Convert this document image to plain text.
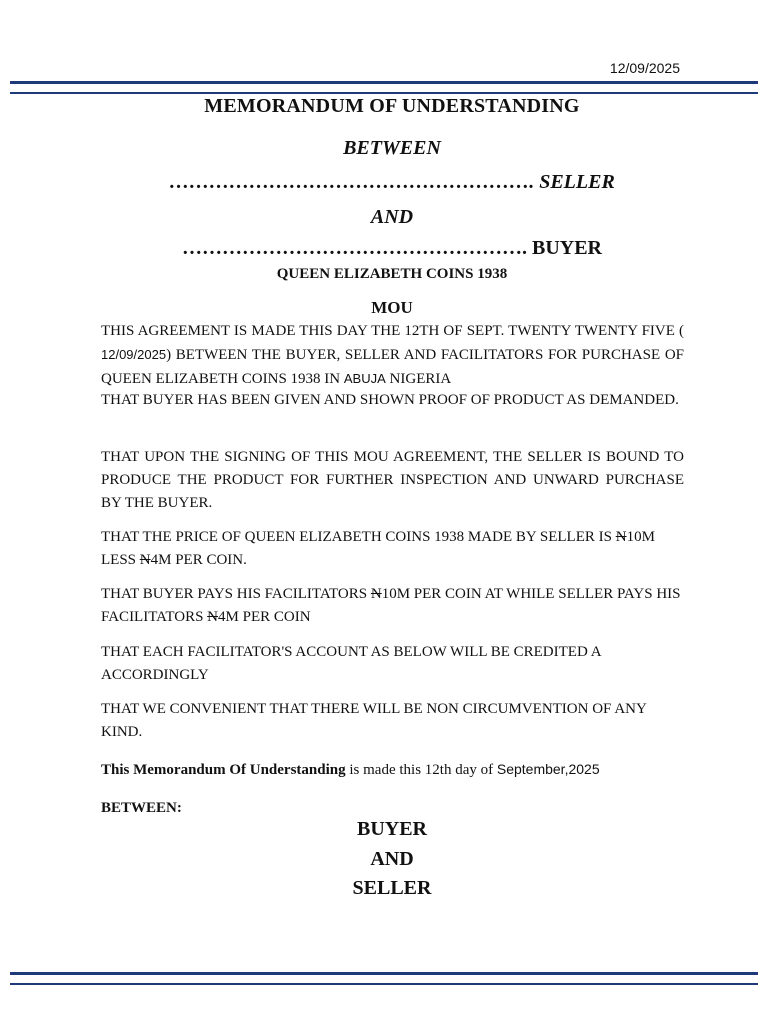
12/09/2025
MEMORANDUM OF UNDERSTANDING
BETWEEN
………………………………………………. SELLER
AND
……………………………………………. BUYER
QUEEN ELIZABETH COINS 1938
MOU
THIS AGREEMENT IS MADE THIS DAY THE 12TH OF SEPT. TWENTY TWENTY FIVE ( 12/09/2025) BETWEEN THE BUYER, SELLER AND FACILITATORS FOR PURCHASE OF QUEEN ELIZABETH COINS 1938 IN ABUJA NIGERIA
THAT BUYER HAS BEEN GIVEN AND SHOWN PROOF OF PRODUCT AS DEMANDED.
THAT UPON THE SIGNING OF THIS MOU AGREEMENT, THE SELLER IS BOUND TO PRODUCE THE PRODUCT FOR FURTHER INSPECTION AND UNWARD PURCHASE BY THE BUYER.
THAT THE PRICE OF QUEEN ELIZABETH COINS 1938 MADE BY SELLER IS N10M LESS N4M PER COIN.
THAT BUYER PAYS HIS FACILITATORS N10M PER COIN AT WHILE SELLER PAYS HIS FACILITATORS N4M PER COIN
THAT EACH FACILITATOR'S ACCOUNT AS BELOW WILL BE CREDITED A ACCORDINGLY
THAT WE CONVENIENT THAT THERE WILL BE NON CIRCUMVENTION OF ANY KIND.
This Memorandum Of Understanding is made this 12th day of September,2025
BETWEEN:
BUYER
AND
SELLER
